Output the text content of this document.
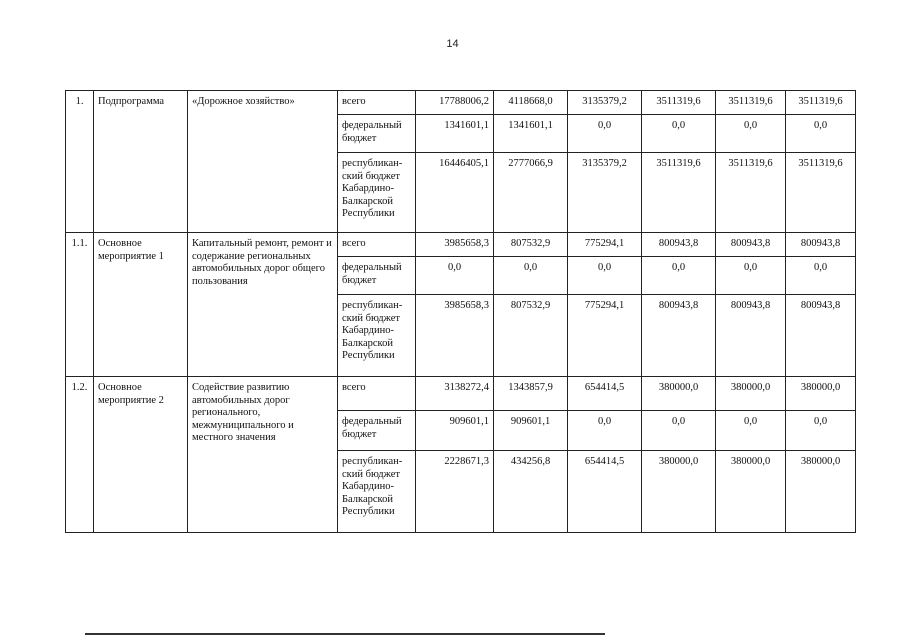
14
1.	Подпрограмма	«Дорожное хозяйство»	всего	17788006,2	4118668,0	3135379,2	3511319,6	3511319,6	3511319,6
			федеральный бюджет	1341601,1	1341601,1	0,0	0,0	0,0	0,0
			республикан-ский бюджет Кабардино-Балкарской Республики	16446405,1	2777066,9	3135379,2	3511319,6	3511319,6	3511319,6
1.1.	Основное мероприятие 1	Капитальный ремонт, ремонт и содержание региональных автомобильных дорог общего пользования	всего	3985658,3	807532,9	775294,1	800943,8	800943,8	800943,8
			федеральный бюджет	0,0	0,0	0,0	0,0	0,0	0,0
			республикан-ский бюджет Кабардино-Балкарской Республики	3985658,3	807532,9	775294,1	800943,8	800943,8	800943,8
1.2.	Основное мероприятие 2	Содействие развитию автомобильных дорог регионального, межмуниципального и местного значения	всего	3138272,4	1343857,9	654414,5	380000,0	380000,0	380000,0
			федеральный бюджет	909601,1	909601,1	0,0	0,0	0,0	0,0
			республикан-ский бюджет Кабардино-Балкарской Республики	2228671,3	434256,8	654414,5	380000,0	380000,0	380000,0
